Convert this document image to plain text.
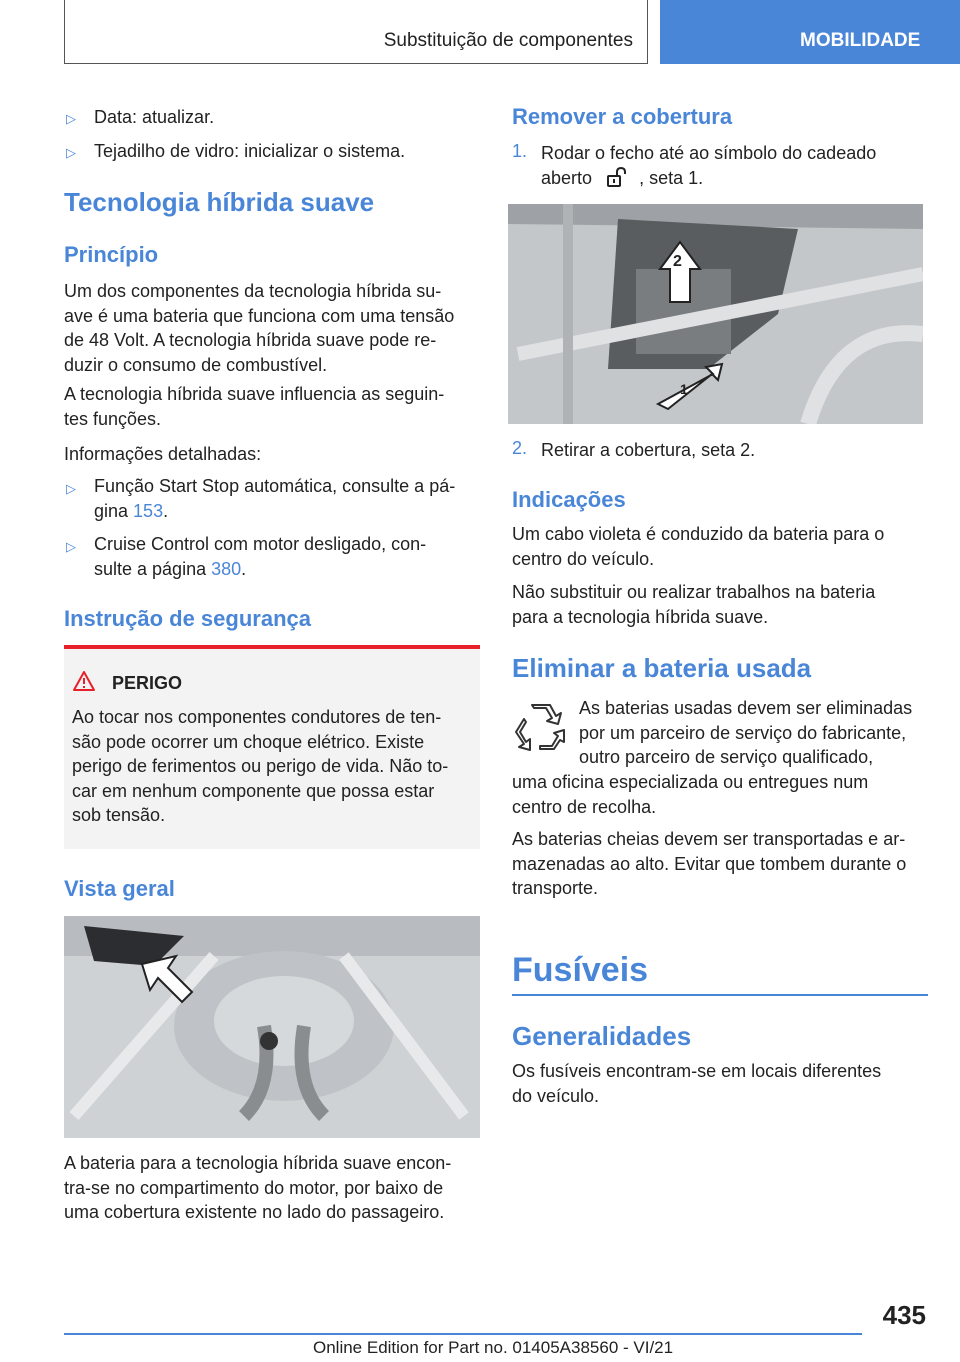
Substituição de componentes	MOBILIDADE
▷ Data: atualizar.
▷ Tejadilho de vidro: inicializar o sistema.
Tecnologia híbrida suave
Princípio
Um dos componentes da tecnologia híbrida su-
ave é uma bateria que funciona com uma tensão
de 48 Volt. A tecnologia híbrida suave pode re-
duzir o consumo de combustível.
A tecnologia híbrida suave influencia as seguin-
tes funções.
Informações detalhadas:
▷ Função Start Stop automática, consulte a pá-
gina 153.
▷ Cruise Control com motor desligado, con-
sulte a página 380.
Instrução de segurança
PERIGO
Ao tocar nos componentes condutores de ten-
são pode ocorrer um choque elétrico. Existe
perigo de ferimentos ou perigo de vida. Não to-
car em nenhum componente que possa estar
sob tensão.
Vista geral
A bateria para a tecnologia híbrida suave encon-
tra-se no compartimento do motor, por baixo de
uma cobertura existente no lado do passageiro.
Remover a cobertura
1. Rodar o fecho até ao símbolo do cadeado
aberto	, seta 1.
2
1
2. Retirar a cobertura, seta 2.
Indicações
Um cabo violeta é conduzido da bateria para o
centro do veículo.
Não substituir ou realizar trabalhos na bateria
para a tecnologia híbrida suave.
Eliminar a bateria usada
As baterias usadas devem ser eliminadas
por um parceiro de serviço do fabricante,
outro parceiro de serviço qualificado,
uma oficina especializada ou entregues num
centro de recolha.
As baterias cheias devem ser transportadas e ar-
mazenadas ao alto. Evitar que tombem durante o
transporte.
Fusíveis
Generalidades
Os fusíveis encontram-se em locais diferentes
do veículo.
435
Online Edition for Part no. 01405A38560 - VI/21
